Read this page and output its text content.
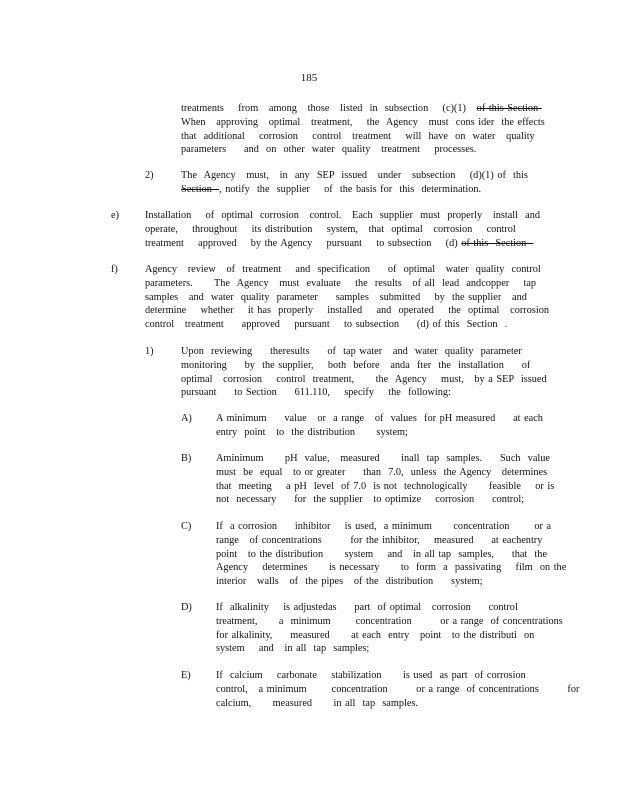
185
treatments    from   among   those   listed  in  subsection    (c)(1)   of this Section
When   approving   optimal   treatment,    the  Agency   must  cons ider  the effects
that  additional    corrosion    control   treatment    will  have  on  water   quality
parameters     and  on  other  water  quality   treatment    processes.
2)	The  Agency   must,   in  any  SEP  issued   under   subsection    (d)(1) of  this
Section  , notify  the  supplier    of  the basis for  this  determination.
e)	Installation    of  optimal  corrosion   control.   Each  supplier  must  properly   install  and
operate,    throughout    its distribution    system,   that  optimal   corrosion    control
treatment    approved    by the Agency    pursuant    to subsection    (d) of this  Section
f)	Agency   review   of  treatment    and  specification     of  optimal   water  quality  control
parameters.      The  Agency   must  evaluate    the  results   of all  lead  andcopper    tap
samples   and  water  quality  parameter     samples   submitted    by  the supplier   and
determine    whether    it has  properly    installed    and  operated    the  optimal   corrosion
control   treatment     approved    pursuant    to subsection     (d) of this  Section  .
1)	Upon  reviewing     theresults     of  tap water   and  water  quality  parameter
monitoring     by  the supplier,    both  before   anda  fter  the  installation     of
optimal   corrosion    control  treatment,      the  Agency    must,   by a SEP  issued
pursuant     to Section     611.110,    specify    the  following:
A) A minimum     value   or  a range   of  values  for pH measured     at each
entry  point   to  the distribution      system;
B) Aminimum      pH  value,   measured      inall  tap  samples.     Such  value
must  be  equal   to or greater     than  7.0,  unless  the Agency   determines
that  meeting    a pH  level  of 7.0  is not  technologically      feasible    or is
not  necessary     for  the supplier   to optimize    corrosion     control;
C) If  a corrosion     inhibitor    is used,  a minimum      concentration       or a
range   of concentrations        for the inhibitor,    measured     at eachentry
point   to the distribution      system    and   in all tap  samples,     that  the
Agency    determines      is necessary      to  form  a  passivating    film  on the
interior   walls   of  the pipes   of the  distribution     system;
D) If  alkalinity    is adjustedas     part  of optimal   corrosion     control
treatment,      a  minimum       concentration        or a range  of concentrations
for alkalinity,     measured      at each  entry   point   to the distributi  on
system    and   in all  tap  samples;
E) If  calcium    carbonate    stabilization      is used  as part  of corrosion
control,   a minimum       concentration        or a range  of concentrations        for
calcium,      measured      in all  tap  samples.
